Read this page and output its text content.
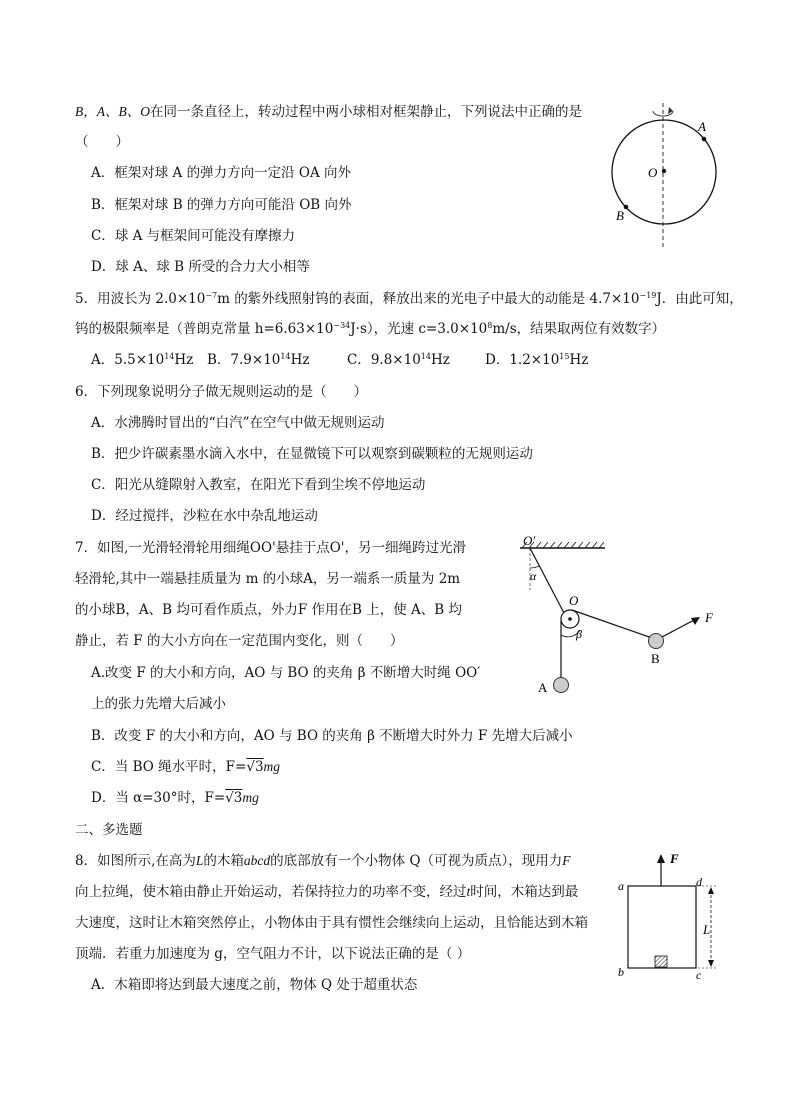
B，A、B、O在同一条直径上，转动过程中两小球相对框架静止，下列说法中正确的是
（　　）
A．框架对球 A 的弹力方向一定沿 OA 向外
B．框架对球 B 的弹力方向可能沿 OB 向外
C．球 A 与框架间可能没有摩擦力
D．球 A、球 B 所受的合力大小相等
A
O
B
5．用波长为 $2.0\times 10^{-7}m$ 的紫外线照射钨的表面，释放出来的光电子中最大的动能是 $4.7\times 10^{-19}J$．由此可知，
钨的极限频率是（普朗克常量 $h=6.63\times 10^{-34}J\cdot s$），光速 $c=3.0\times 10^8m/s$，结果取两位有效数字）
A．$5.5\times 10^{14}Hz$ B．$7.9\times 10^{14}Hz$	C．$9.8\times 10^{14}Hz$	D．$1.2\times 10^{15}Hz$
6．下列现象说明分子做无规则运动的是（　　）
A．水沸腾时冒出的“白汽”在空气中做无规则运动
B．把少许碳素墨水滴入水中，在显微镜下可以观察到碳颗粒的无规则运动
C．阳光从缝隙射入教室，在阳光下看到尘埃不停地运动
D．经过搅拌，沙粒在水中杂乱地运动
7．如图,一光滑轻滑轮用细绳OO'悬挂于点O'，另一细绳跨过光滑
轻滑轮,其中一端悬挂质量为 m 的小球A，另一端系一质量为 2m
的小球B，A、B 均可看作质点，外力F 作用在B 上，使 A、B 均
静止，若 F 的大小方向在一定范围内变化，则（　　）
A.改变 F 的大小和方向，AO 与 BO 的夹角 β 不断增大时绳 OO′
上的张力先增大后减小
B．改变 F 的大小和方向，AO 与 BO 的夹角 β 不断增大时外力 F 先增大后减小
C．当 BO 绳水平时，F=√3mg
D．当 α=30°时，F=√3mg
O′
α
O
β
F
A
B
二、多选题
8．如图所示,在高为L的木箱abcd的底部放有一个小物体 Q（可视为质点），现用力F
向上拉绳，使木箱由静止开始运动，若保持拉力的功率不变，经过t时间，木箱达到最
大速度，这时让木箱突然停止，小物体由于具有惯性会继续向上运动，且恰能达到木箱
顶端．若重力加速度为 g，空气阻力不计，以下说法正确的是（ ）
A．木箱即将达到最大速度之前，物体 Q 处于超重状态
F
a	d
b	c
L
